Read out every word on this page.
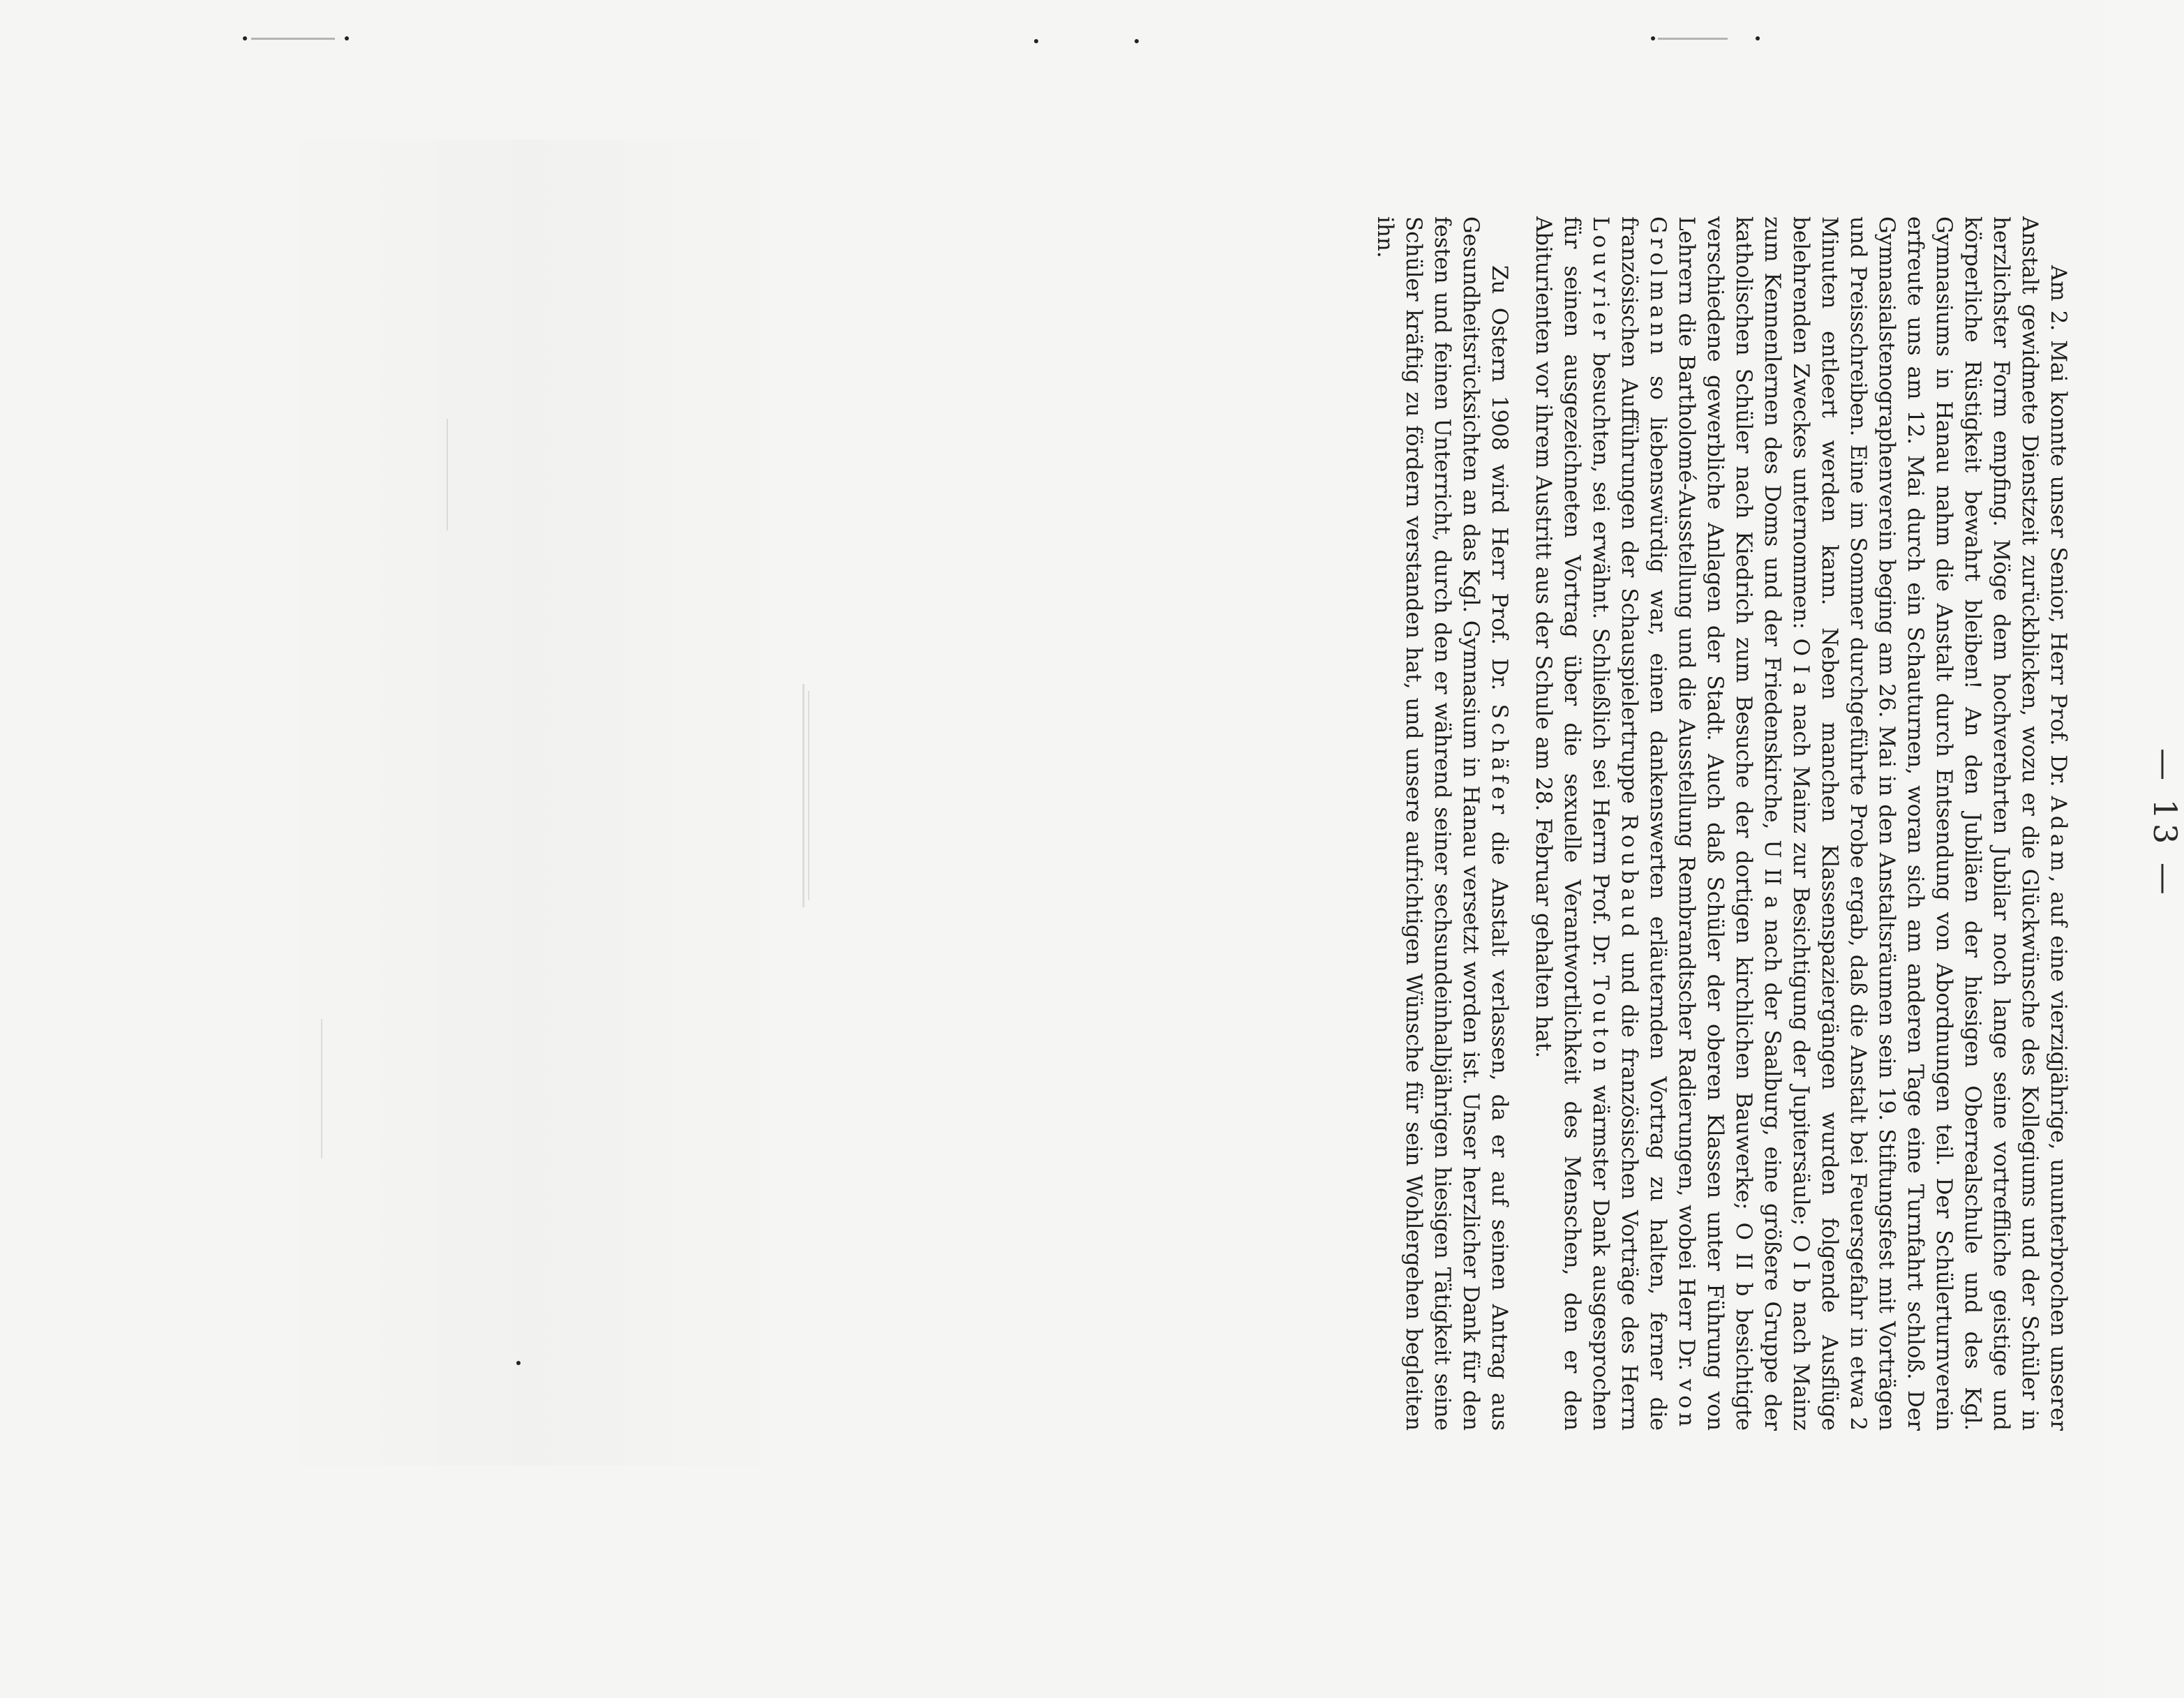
— 13 —

Am 2. Mai konnte unser Senior, Herr Prof. Dr. Adam, auf eine vierzigjährige, ununterbrochen unserer Anstalt gewidmete Dienstzeit zurückblicken, wozu er die Glückwünsche des Kollegiums und der Schüler in herzlichster Form empfing. Möge dem hochverehrten Jubilar noch lange seine vortreffliche geistige und körperliche Rüstigkeit bewahrt bleiben! An den Jubiläen der hiesigen Oberrealschule und des Kgl. Gymnasiums in Hanau nahm die Anstalt durch Entsendung von Abordnungen teil. Der Schülerturnverein erfreute uns am 12. Mai durch ein Schauturnen, woran sich am anderen Tage eine Turnfahrt schloß. Der Gymnasialstenographenverein beging am 26. Mai in den Anstaltsräumen sein 19. Stiftungsfest mit Vorträgen und Preisschreiben. Eine im Sommer durchgeführte Probe ergab, daß die Anstalt bei Feuersgefahr in etwa 2 Minuten entleert werden kann. Neben manchen Klassenspaziergängen wurden folgende Ausflüge belehrenden Zweckes unternommen: O I a nach Mainz zur Besichtigung der Jupitersäule; O I b nach Mainz zum Kennenlernen des Doms und der Friedenskirche, U II a nach der Saalburg, eine größere Gruppe der katholischen Schüler nach Kiedrich zum Besuche der dortigen kirchlichen Bauwerke; O II b besichtigte verschiedene gewerbliche Anlagen der Stadt. Auch daß Schüler der oberen Klassen unter Führung von Lehrern die Bartholomé-Ausstellung und die Ausstellung Rembrandtscher Radierungen, wobei Herr Dr. von Grolmann so liebenswürdig war, einen dankenswerten erläuternden Vortrag zu halten, ferner die französischen Aufführungen der Schauspielertruppe Roubaud und die französischen Vorträge des Herrn Louvrier besuchten, sei erwähnt. Schließlich sei Herrn Prof. Dr. Touton wärmster Dank ausgesprochen für seinen ausgezeichneten Vortrag über die sexuelle Verantwortlichkeit des Menschen, den er den Abiturienten vor ihrem Austritt aus der Schule am 28. Februar gehalten hat.

Zu Ostern 1908 wird Herr Prof. Dr. Schäfer die Anstalt verlassen, da er auf seinen Antrag aus Gesundheitsrücksichten an das Kgl. Gymnasium in Hanau versetzt worden ist. Unser herzlicher Dank für den festen und feinen Unterricht, durch den er während seiner sechsundeinhalbjährigen hiesigen Tätigkeit seine Schüler kräftig zu fördern verstanden hat, und unsere aufrichtigen Wünsche für sein Wohlergehen begleiten ihn.
